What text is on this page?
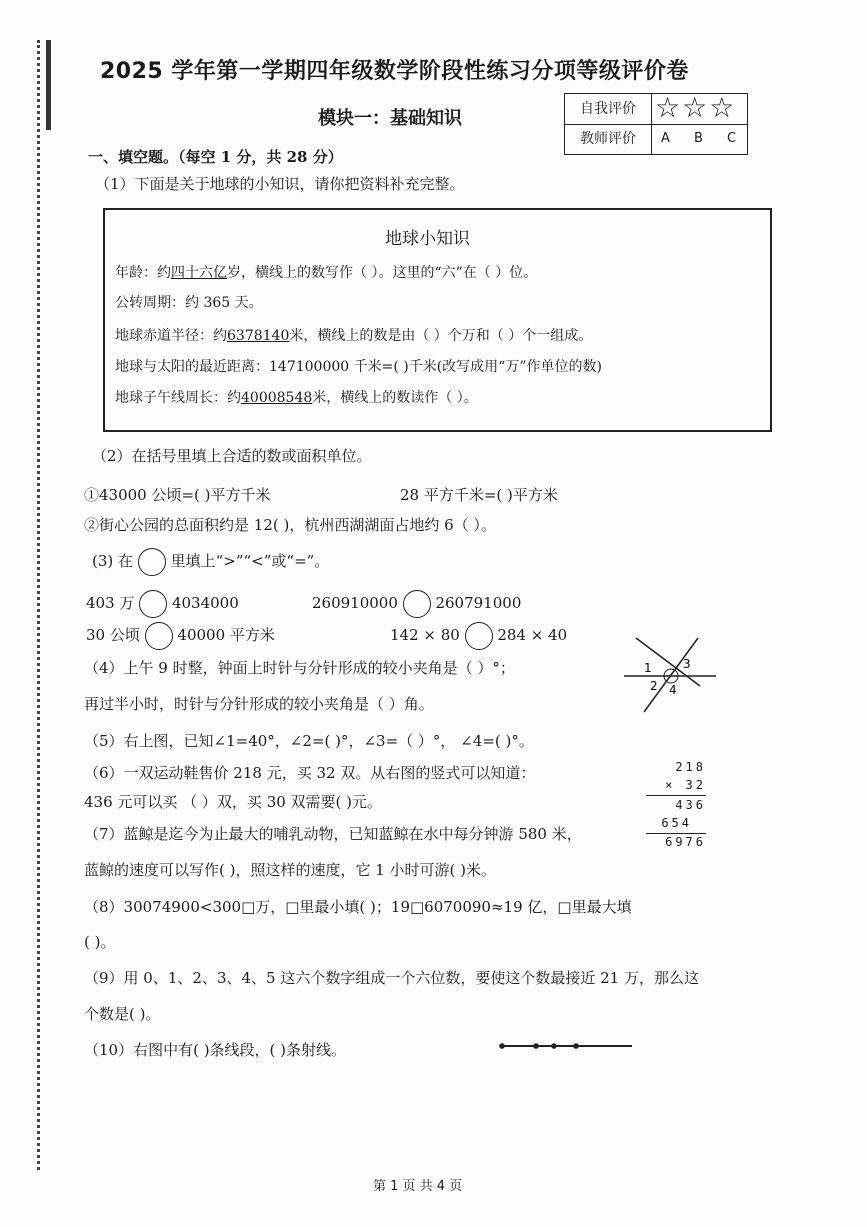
2025 学年第一学期四年级数学阶段性练习分项等级评价卷
模块一：基础知识	自我评价 ☆☆☆
教师评价	A B C
一、填空题。（每空 1 分，共 28 分）
（1）下面是关于地球的小知识，请你把资料补充完整。
地球小知识
年龄：约四十六亿岁，横线上的数写作（ ）。这里的“六”在（ ）位。
公转周期：约 365 天。
地球赤道半径：约6378140米，横线上的数是由（ ）个万和（ ）个一组成。
地球与太阳的最近距离：147100000 千米=( )千米(改写成用“万”作单位的数)
地球子午线周长：约40008548米，横线上的数读作（ ）。
（2）在括号里填上合适的数或面积单位。
①43000 公顷=( )平方千米	28 平方千米=( )平方米
②街心公园的总面积约是 12( )，杭州西湖湖面占地约 6（ ）。
(3) 在	里填上“>”“<”或“=”。
403 万	4034000	260910000	260791000
30 公顷	40000 平方米	142 × 80	284 × 40
1
2
3
4
（4）上午 9 时整，钟面上时针与分针形成的较小夹角是（ ）°；
再过半小时，时针与分针形成的较小夹角是（ ）角。
（5）右上图，已知∠1=40°，∠2=( )°，∠3=（ ）°， ∠4=( )°。
218
× 32
436
654
6976
（6）一双运动鞋售价 218 元，买 32 双。从右图的竖式可以知道：
436 元可以买 （ ）双，买 30 双需要( )元。
（7）蓝鲸是迄今为止最大的哺乳动物，已知蓝鲸在水中每分钟游 580 米，
蓝鲸的速度可以写作( )，照这样的速度，它 1 小时可游( )米。
（8）30074900<300□万，□里最小填( )；19□6070090≈19 亿，□里最大填
( )。
（9）用 0、1、2、3、4、5 这六个数字组成一个六位数，要使这个数最接近 21 万，那么这
个数是( )。
（10）右图中有( )条线段，( )条射线。
第 1 页 共 4 页
